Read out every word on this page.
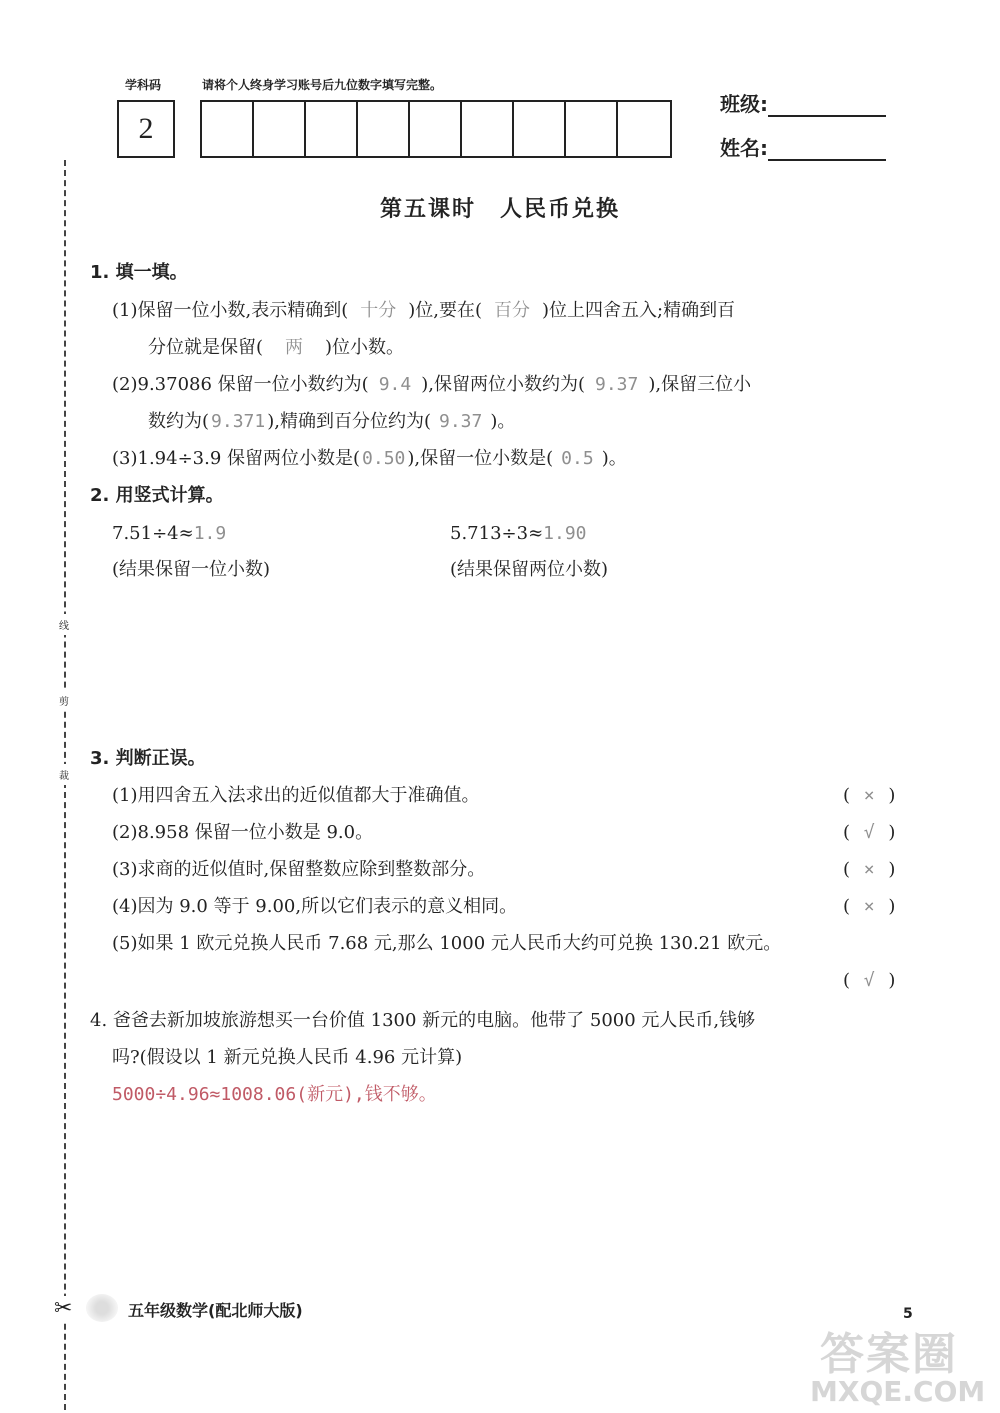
学科码	请将个人终身学习账号后九位数字填写完整。
2
班级:
姓名:
第五课时　人民币兑换
线
剪
裁
✂
1. 填一填。
(1)保留一位小数,表示精确到( 十分 )位,要在( 百分 )位上四舍五入;精确到百
分位就是保留( 两 )位小数。
(2)9.37086 保留一位小数约为( 9.4 ),保留两位小数约为( 9.37 ),保留三位小
数约为( 9.371 ),精确到百分位约为( 9.37 )。
(3)1.94÷3.9 保留两位小数是( 0.50 ),保留一位小数是( 0.5 )。
2. 用竖式计算。
7.51÷4≈1.9
(结果保留一位小数)
5.713÷3≈1.90
(结果保留两位小数)
3. 判断正误。
(1)用四舍五入法求出的近似值都大于准确值。
(2)8.958 保留一位小数是 9.0。
(3)求商的近似值时,保留整数应除到整数部分。
(4)因为 9.0 等于 9.00,所以它们表示的意义相同。
(5)如果 1 欧元兑换人民币 7.68 元,那么 1000 元人民币大约可兑换 130.21 欧元。
( × )
( √ )
( × )
( × )
( √ )
4. 爸爸去新加坡旅游想买一台价值 1300 新元的电脑。他带了 5000 元人民币,钱够
吗?(假设以 1 新元兑换人民币 4.96 元计算)
5000÷4.96≈1008.06(新元),钱不够。
五年级数学(配北师大版)	5
答案圈
MXQE.COM
